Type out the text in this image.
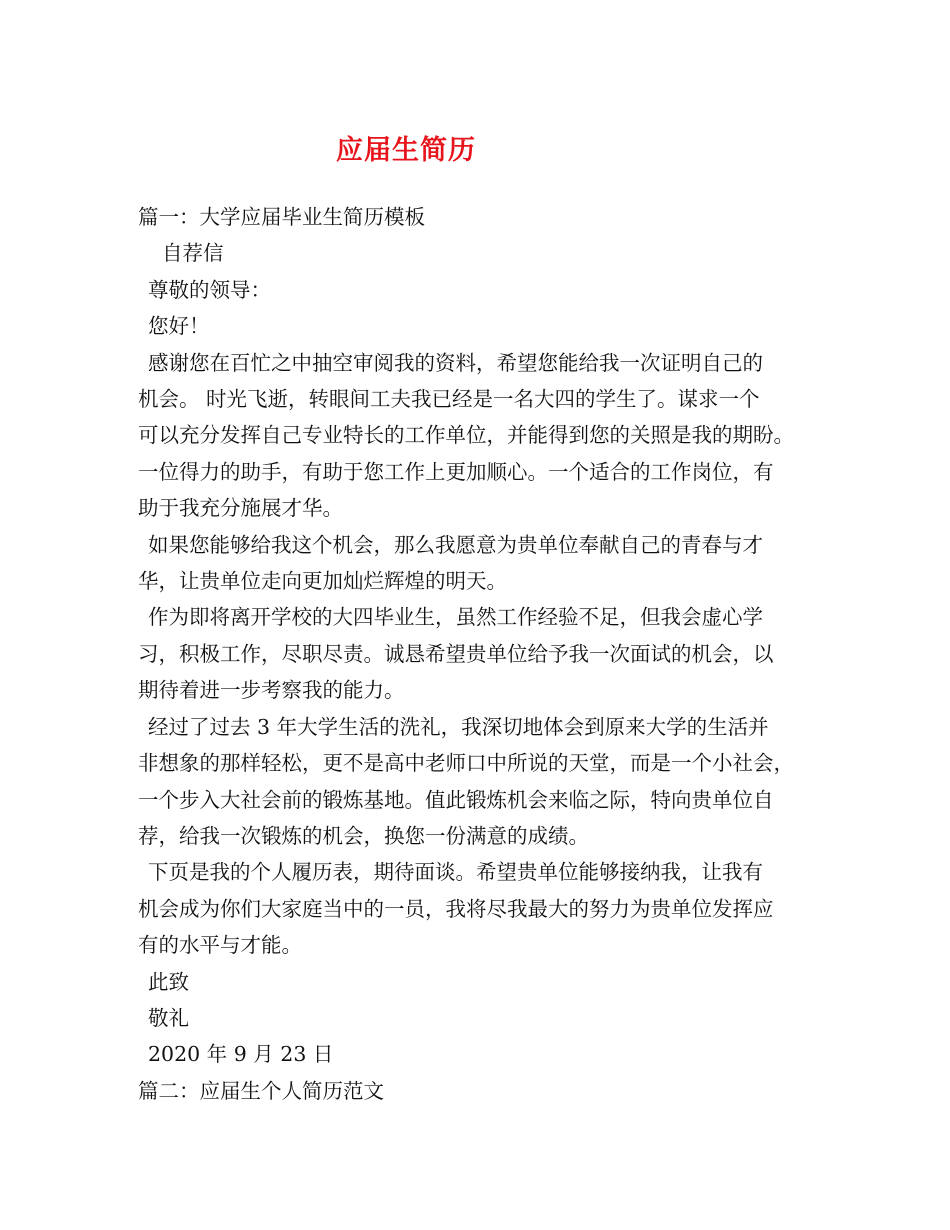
应届生简历

篇一：大学应届毕业生简历模板

自荐信

尊敬的领导：

您好！

感谢您在百忙之中抽空审阅我的资料，希望您能给我一次证明自己的

机会。 时光飞逝，转眼间工夫我已经是一名大四的学生了。谋求一个

可以充分发挥自己专业特长的工作单位，并能得到您的关照是我的期盼。

一位得力的助手，有助于您工作上更加顺心。一个适合的工作岗位，有

助于我充分施展才华。

如果您能够给我这个机会，那么我愿意为贵单位奉献自己的青春与才

华，让贵单位走向更加灿烂辉煌的明天。

作为即将离开学校的大四毕业生，虽然工作经验不足，但我会虚心学

习，积极工作，尽职尽责。诚恳希望贵单位给予我一次面试的机会，以

期待着进一步考察我的能力。

经过了过去 3 年大学生活的洗礼，我深切地体会到原来大学的生活并

非想象的那样轻松，更不是高中老师口中所说的天堂，而是一个小社会，

一个步入大社会前的锻炼基地。值此锻炼机会来临之际，特向贵单位自

荐，给我一次锻炼的机会，换您一份满意的成绩。

下页是我的个人履历表，期待面谈。希望贵单位能够接纳我，让我有

机会成为你们大家庭当中的一员，我将尽我最大的努力为贵单位发挥应

有的水平与才能。

此致

敬礼

2020 年 9 月 23 日

篇二：应届生个人简历范文
